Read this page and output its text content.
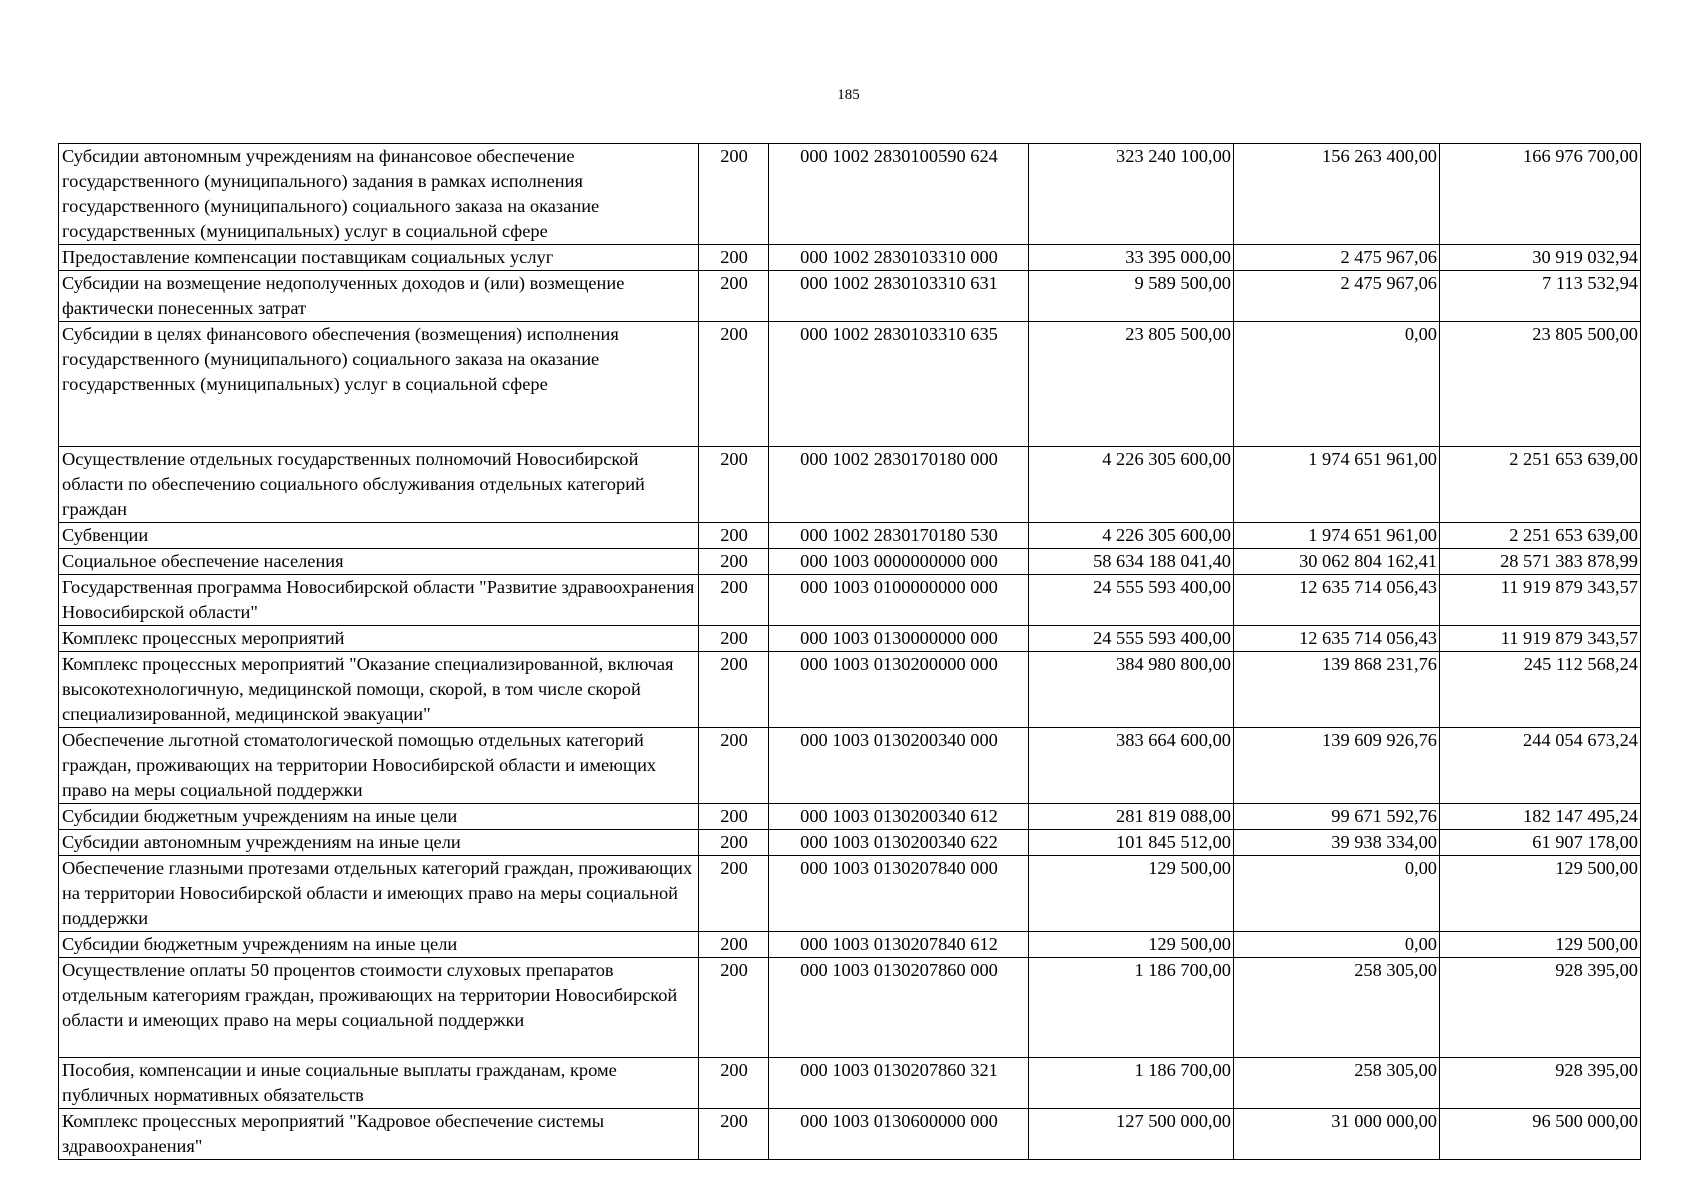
185
Субсидии автономным учреждениям на финансовое обеспечение государственного (муниципального) задания в рамках исполнения государственного (муниципального) социального заказа на оказание государственных (муниципальных) услуг в социальной сфере	200	000 1002 2830100590 624	323 240 100,00	156 263 400,00	166 976 700,00
Предоставление компенсации поставщикам социальных услуг	200	000 1002 2830103310 000	33 395 000,00	2 475 967,06	30 919 032,94
Субсидии на возмещение недополученных доходов и (или) возмещение фактически понесенных затрат	200	000 1002 2830103310 631	9 589 500,00	2 475 967,06	7 113 532,94
Субсидии в целях финансового обеспечения (возмещения) исполнения государственного (муниципального) социального заказа на оказание государственных (муниципальных) услуг в социальной сфере	200	000 1002 2830103310 635	23 805 500,00	0,00	23 805 500,00
Осуществление отдельных государственных полномочий Новосибирской области по обеспечению социального обслуживания отдельных категорий граждан	200	000 1002 2830170180 000	4 226 305 600,00	1 974 651 961,00	2 251 653 639,00
Субвенции	200	000 1002 2830170180 530	4 226 305 600,00	1 974 651 961,00	2 251 653 639,00
Социальное обеспечение населения	200	000 1003 0000000000 000	58 634 188 041,40	30 062 804 162,41	28 571 383 878,99
Государственная программа Новосибирской области "Развитие здравоохранения Новосибирской области"	200	000 1003 0100000000 000	24 555 593 400,00	12 635 714 056,43	11 919 879 343,57
Комплекс процессных мероприятий	200	000 1003 0130000000 000	24 555 593 400,00	12 635 714 056,43	11 919 879 343,57
Комплекс процессных мероприятий "Оказание специализированной, включая высокотехнологичную, медицинской помощи, скорой, в том числе скорой специализированной, медицинской эвакуации"	200	000 1003 0130200000 000	384 980 800,00	139 868 231,76	245 112 568,24
Обеспечение льготной стоматологической помощью отдельных категорий граждан, проживающих на территории Новосибирской области и имеющих право на меры социальной поддержки	200	000 1003 0130200340 000	383 664 600,00	139 609 926,76	244 054 673,24
Субсидии бюджетным учреждениям на иные цели	200	000 1003 0130200340 612	281 819 088,00	99 671 592,76	182 147 495,24
Субсидии автономным учреждениям на иные цели	200	000 1003 0130200340 622	101 845 512,00	39 938 334,00	61 907 178,00
Обеспечение глазными протезами отдельных категорий граждан, проживающих на территории Новосибирской области и имеющих право на меры социальной поддержки	200	000 1003 0130207840 000	129 500,00	0,00	129 500,00
Субсидии бюджетным учреждениям на иные цели	200	000 1003 0130207840 612	129 500,00	0,00	129 500,00
Осуществление оплаты 50 процентов стоимости слуховых препаратов отдельным категориям граждан, проживающих на территории Новосибирской области и имеющих право на меры социальной поддержки	200	000 1003 0130207860 000	1 186 700,00	258 305,00	928 395,00
Пособия, компенсации и иные социальные выплаты гражданам, кроме публичных нормативных обязательств	200	000 1003 0130207860 321	1 186 700,00	258 305,00	928 395,00
Комплекс процессных мероприятий "Кадровое обеспечение системы здравоохранения"	200	000 1003 0130600000 000	127 500 000,00	31 000 000,00	96 500 000,00
